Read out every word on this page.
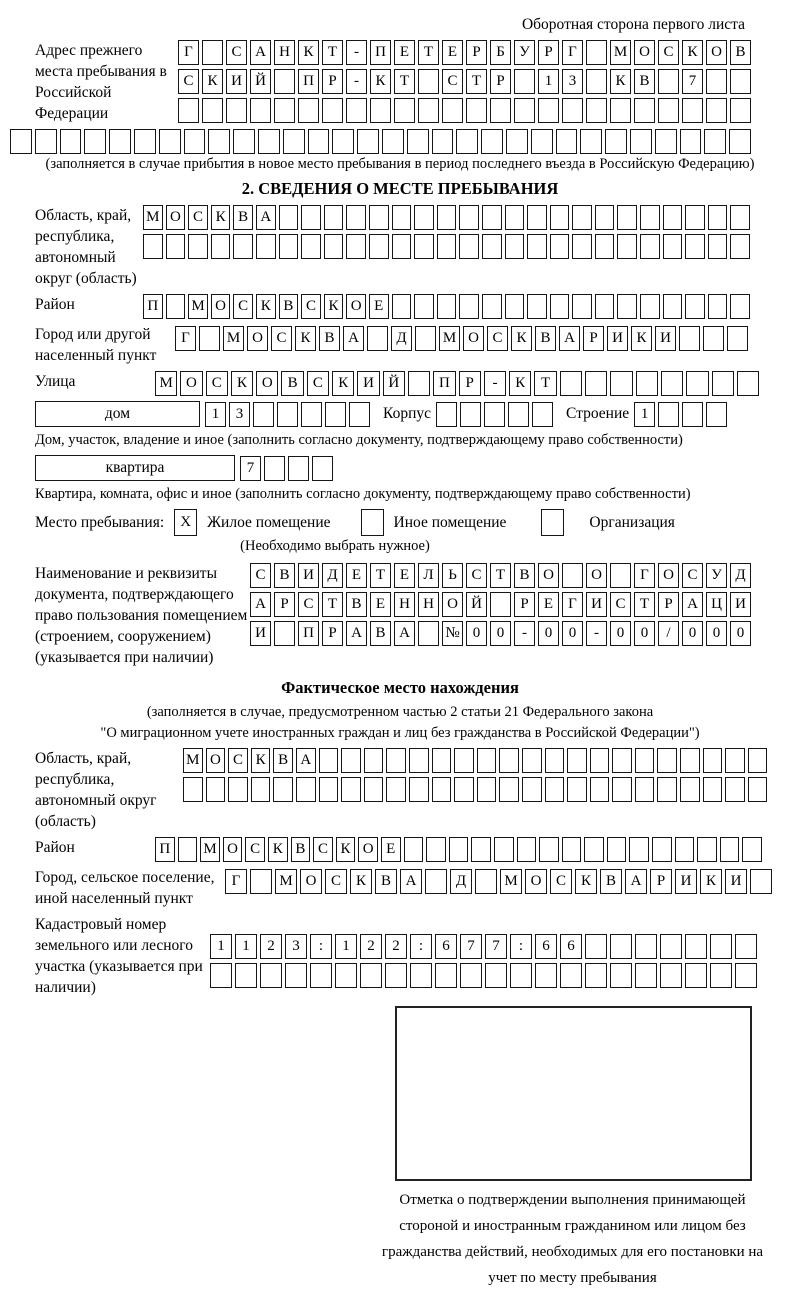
Оборотная сторона первого листа
Адрес прежнего места пребывания в Российской Федерации
Г	С А Н К Т	-	П Е Т Е	Р	Б У Р	Г	М О С К О В
С К И Й	П Р	-	К Т	С Т	Р	1	3	К В	7
(заполняется в случае прибытия в новое место пребывания в период последнего въезда в Российскую Федерацию)
2. СВЕДЕНИЯ О МЕСТЕ ПРЕБЫВАНИЯ
Область, край, республика, автономный округ (область)
М О С К В А
Район	П М О С К В С К О Е
Город или другой населенный пункт
Г	М О С К В А	Д	М О С К В А Р И К И
Улица	М О С	К О В	С	К И Й	П	Р	-	К	Т
дом	1	3	Корпус	Строение 1
Дом, участок, владение и иное (заполнить согласно документу, подтверждающему право собственности)
квартира	7
Квартира, комната, офис и иное (заполнить согласно документу, подтверждающему право собственности)
Место пребывания:	X	Жилое помещение	Иное помещение	Организация
(Необходимо выбрать нужное)
Наименование и реквизиты документа, подтверждающего право пользования помещением (строением, сооружением) (указывается при наличии)
С В И Д Е Т Е Л Ь С Т В О	О	Г О С У Д
А Р С Т В Е Н Н О Й	Р	Е	Г И С Т	Р А Ц И
И	П Р А В А	№ 0	0	-	0	0	-	0	0	/	0	0	0
Фактическое место нахождения
(заполняется в случае, предусмотренном частью 2 статьи 21 Федерального закона
"О миграционном учете иностранных граждан и лиц без гражданства в Российской Федерации")
Область, край, республика, автономный округ (область)
М О С К В А
Район	П М О С К В С К О Е
Город, сельское поселение, иной населенный пункт
Г	М О С К В А	Д	М О С К В А	Р	И К И
Кадастровый номер земельного или лесного участка (указывается при наличии)
1	1	2	3	:	1	2	2	:	6	7	7	:	6	6
Отметка о подтверждении выполнения принимающей стороной и иностранным гражданином или лицом без гражданства действий, необходимых для его постановки на учет по месту пребывания
